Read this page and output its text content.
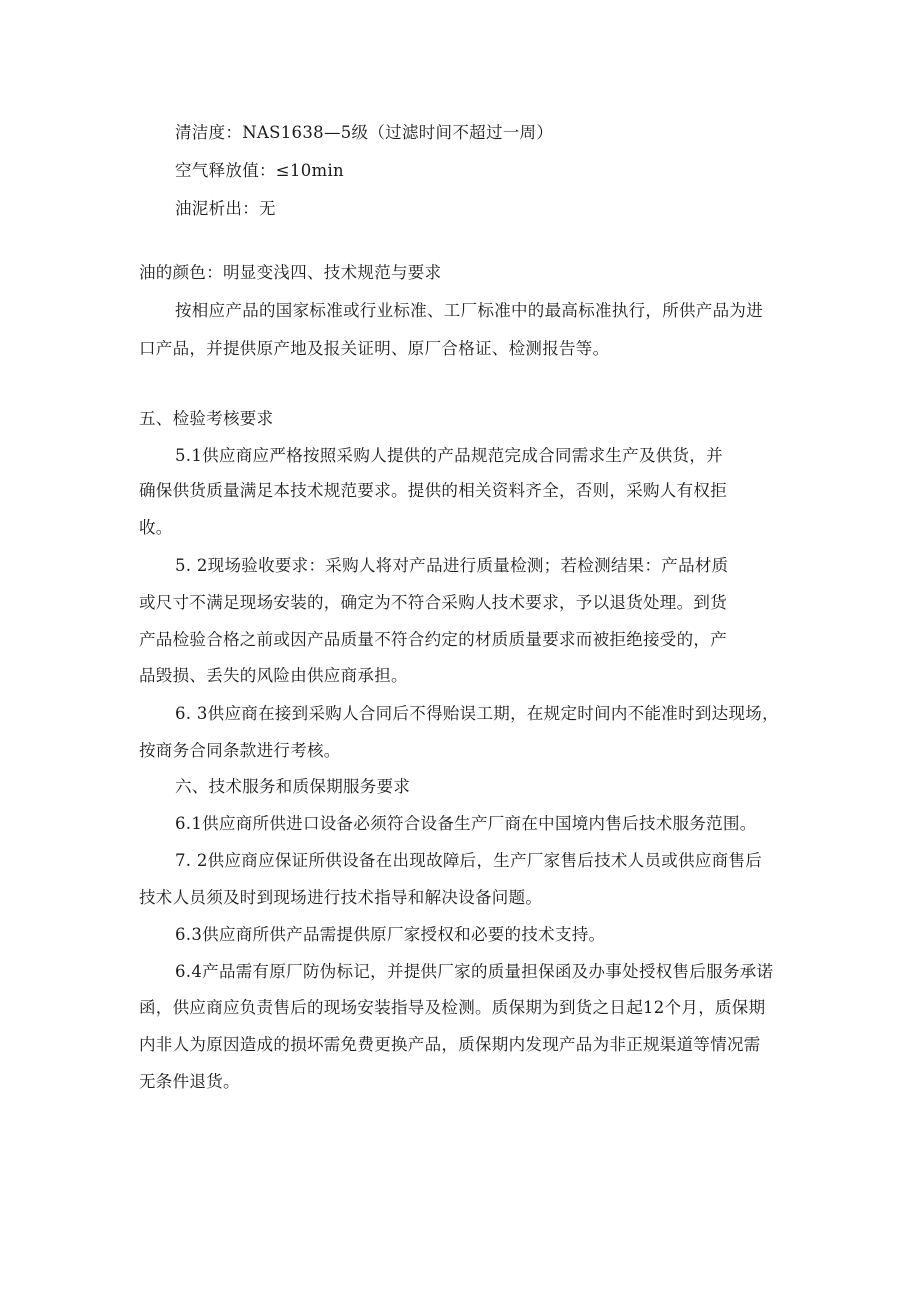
清洁度：NAS1638—5级（过滤时间不超过一周）
空气释放值：≤10min
油泥析出：无
油的颜色：明显变浅四、技术规范与要求
按相应产品的国家标准或行业标准、工厂标准中的最高标准执行，所供产品为进
口产品，并提供原产地及报关证明、原厂合格证、检测报告等。
五、检验考核要求
5.1供应商应严格按照采购人提供的产品规范完成合同需求生产及供货，并
确保供货质量满足本技术规范要求。提供的相关资料齐全，否则，采购人有权拒
收。
5. 2现场验收要求：采购人将对产品进行质量检测；若检测结果：产品材质
或尺寸不满足现场安装的，确定为不符合采购人技术要求，予以退货处理。到货
产品检验合格之前或因产品质量不符合约定的材质质量要求而被拒绝接受的，产
品毁损、丢失的风险由供应商承担。
6. 3供应商在接到采购人合同后不得贻误工期，在规定时间内不能准时到达现场，
按商务合同条款进行考核。
六、技术服务和质保期服务要求
6.1供应商所供进口设备必须符合设备生产厂商在中国境内售后技术服务范围。
7. 2供应商应保证所供设备在出现故障后，生产厂家售后技术人员或供应商售后
技术人员须及时到现场进行技术指导和解决设备问题。
6.3供应商所供产品需提供原厂家授权和必要的技术支持。
6.4产品需有原厂防伪标记，并提供厂家的质量担保函及办事处授权售后服务承诺
函，供应商应负责售后的现场安装指导及检测。质保期为到货之日起12个月，质保期
内非人为原因造成的损坏需免费更换产品，质保期内发现产品为非正规渠道等情况需
无条件退货。
